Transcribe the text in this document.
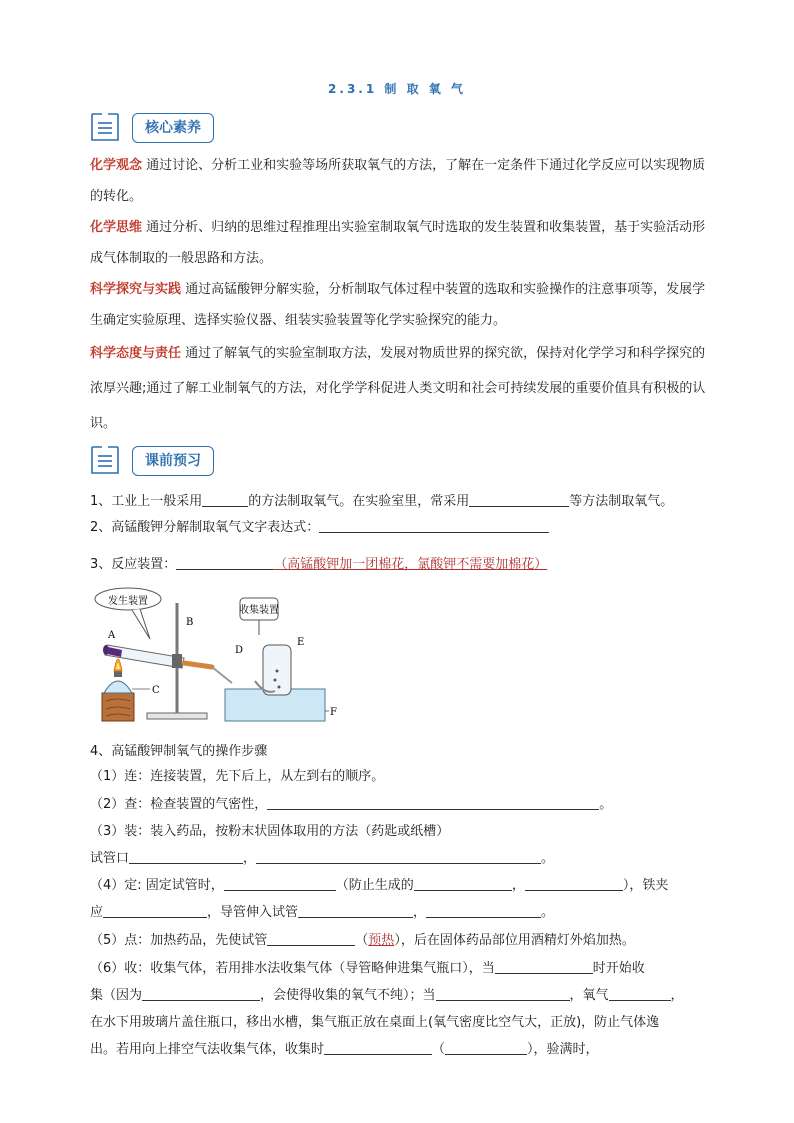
2.3.1 制 取 氧 气
核心素养
化学观念 通过讨论、分析工业和实验等场所获取氧气的方法，了解在一定条件下通过化学反应可以实现物质的转化。
化学思维 通过分析、归纳的思维过程推理出实验室制取氧气时选取的发生装置和收集装置，基于实验活动形成气体制取的一般思路和方法。
科学探究与实践 通过高锰酸钾分解实验，分析制取气体过程中装置的选取和实验操作的注意事项等，发展学生确定实验原理、选择实验仪器、组装实验装置等化学实验探究的能力。
科学态度与责任 通过了解氧气的实验室制取方法，发展对物质世界的探究欲，保持对化学学习和科学探究的浓厚兴趣;通过了解工业制氧气的方法，对化学学科促进人类文明和社会可持续发展的重要价值具有积极的认识。
课前预习
1、工业上一般采用	的方法制取氧气。在实验室里，常采用	等方法制取氧气。
2、高锰酸钾分解制取氧气文字表达式：
3、反应装置：	（高锰酸钾加一团棉花，氯酸钾不需要加棉花）
发生装置
A
B
C
收集装置
D
E
F
4、高锰酸钾制氧气的操作步骤
（1）连：连接装置，先下后上，从左到右的顺序。
（2）查：检查装置的气密性，	。
（3）装：装入药品，按粉末状固体取用的方法（药匙或纸槽）
试管口	，	。
（4）定: 固定试管时，	（防止生成的	，	），铁夹
应	，导管伸入试管	，	。
（5）点：加热药品，先使试管	（预热），后在固体药品部位用酒精灯外焰加热。
（6）收：收集气体，若用排水法收集气体（导管略伸进集气瓶口），当	时开始收
集（因为	，会使得收集的氧气不纯）；当	，氧气	，
在水下用玻璃片盖住瓶口，移出水槽，集气瓶正放在桌面上(氧气密度比空气大，正放)，防止气体逸
出。若用向上排空气法收集气体，收集时	（	），验满时，
